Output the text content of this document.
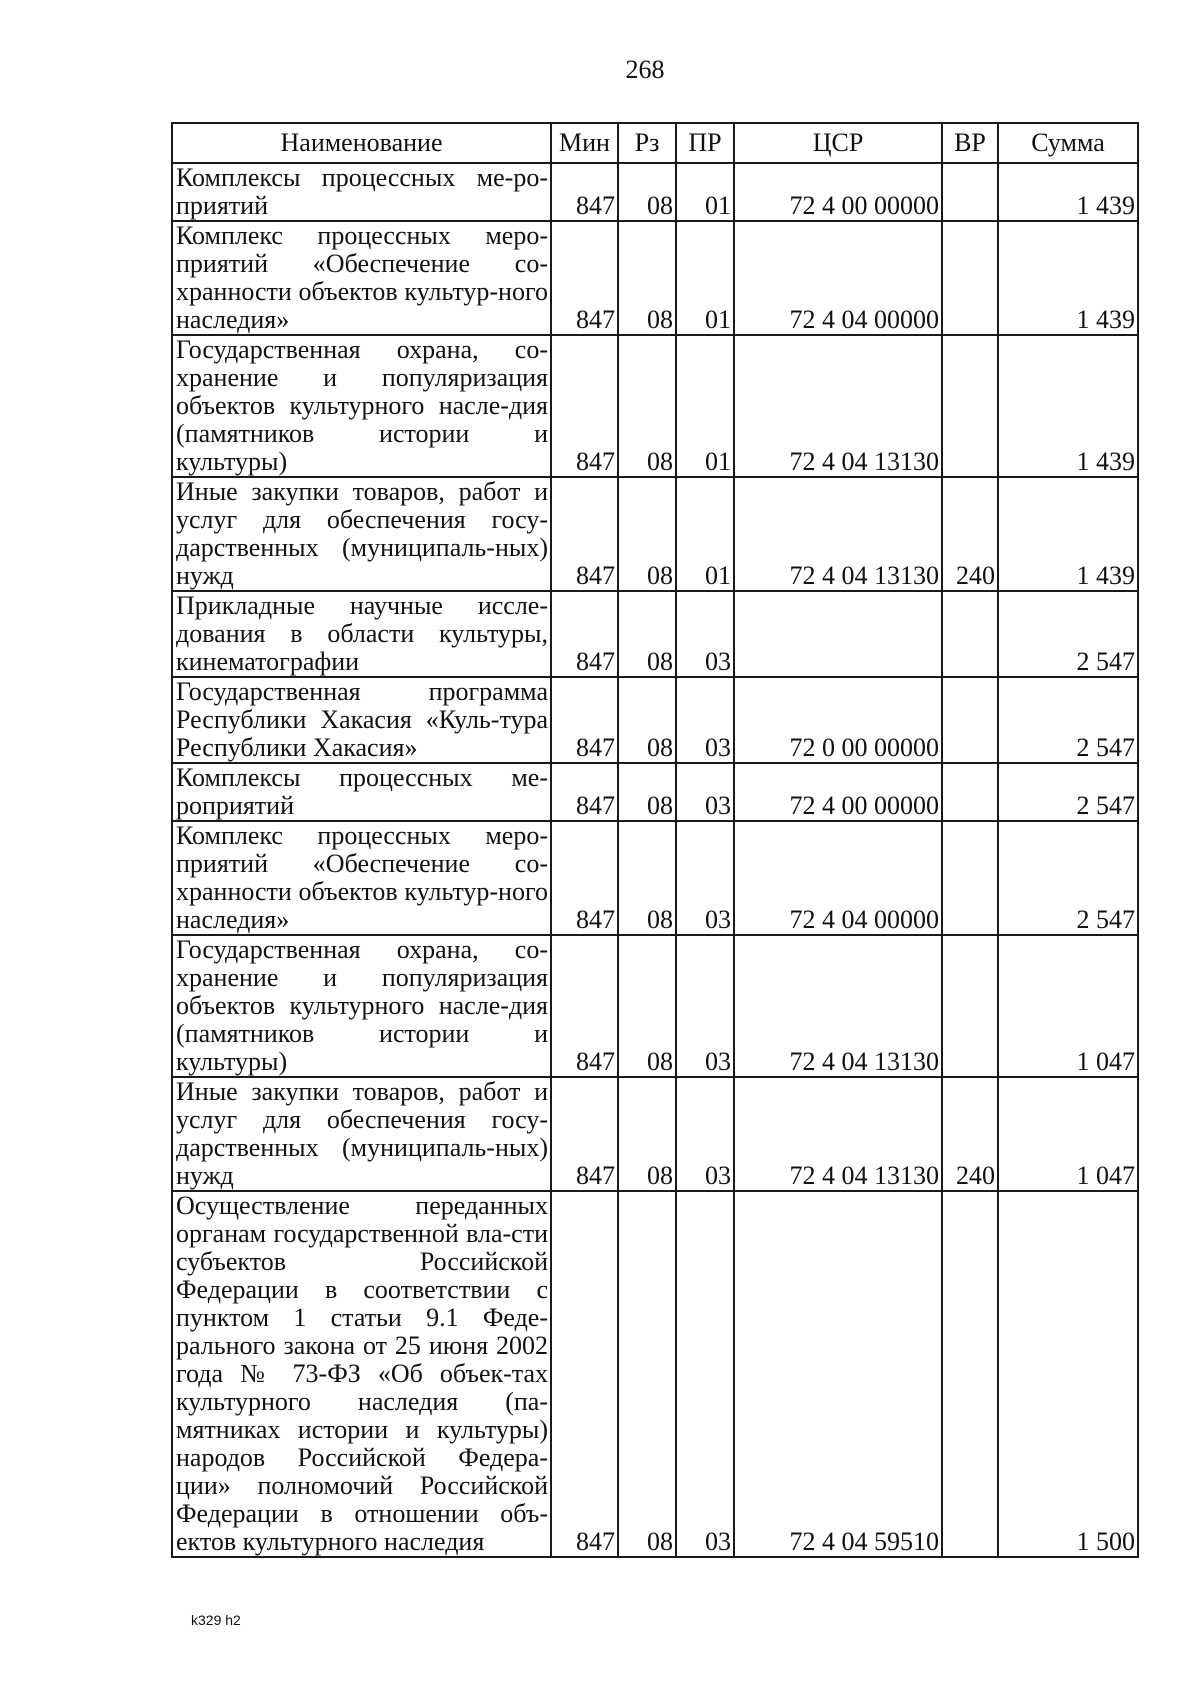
268
Наименование	Мин	Рз	ПР	ЦСР	ВР	Сумма
Комплексы процессных ме-роприятий	847	08	01	72 4 00 00000		1 439
Комплекс процессных меро-приятий «Обеспечение со-хранности объектов культур-ного наследия»	847	08	01	72 4 04 00000		1 439
Государственная охрана, со-хранение и популяризация объектов культурного насле-дия (памятников истории и культуры)	847	08	01	72 4 04 13130		1 439
Иные закупки товаров, работ и услуг для обеспечения госу-дарственных (муниципаль-ных) нужд	847	08	01	72 4 04 13130	240	1 439
Прикладные научные иссле-дования в области культуры, кинематографии	847	08	03			2 547
Государственная программа Республики Хакасия «Куль-тура Республики Хакасия»	847	08	03	72 0 00 00000		2 547
Комплексы процессных ме-роприятий	847	08	03	72 4 00 00000		2 547
Комплекс процессных меро-приятий «Обеспечение со-хранности объектов культур-ного наследия»	847	08	03	72 4 04 00000		2 547
Государственная охрана, со-хранение и популяризация объектов культурного насле-дия (памятников истории и культуры)	847	08	03	72 4 04 13130		1 047
Иные закупки товаров, работ и услуг для обеспечения госу-дарственных (муниципаль-ных) нужд	847	08	03	72 4 04 13130	240	1 047
Осуществление переданных органам государственной вла-сти субъектов Российской Федерации в соответствии с пунктом 1 статьи 9.1 Феде-рального закона от 25 июня 2002 года № 73-ФЗ «Об объек-тах культурного наследия (па-мятниках истории и культуры) народов Российской Федера-ции» полномочий Российской Федерации в отношении объ-ектов культурного наследия	847	08	03	72 4 04 59510		1 500
k329 h2
